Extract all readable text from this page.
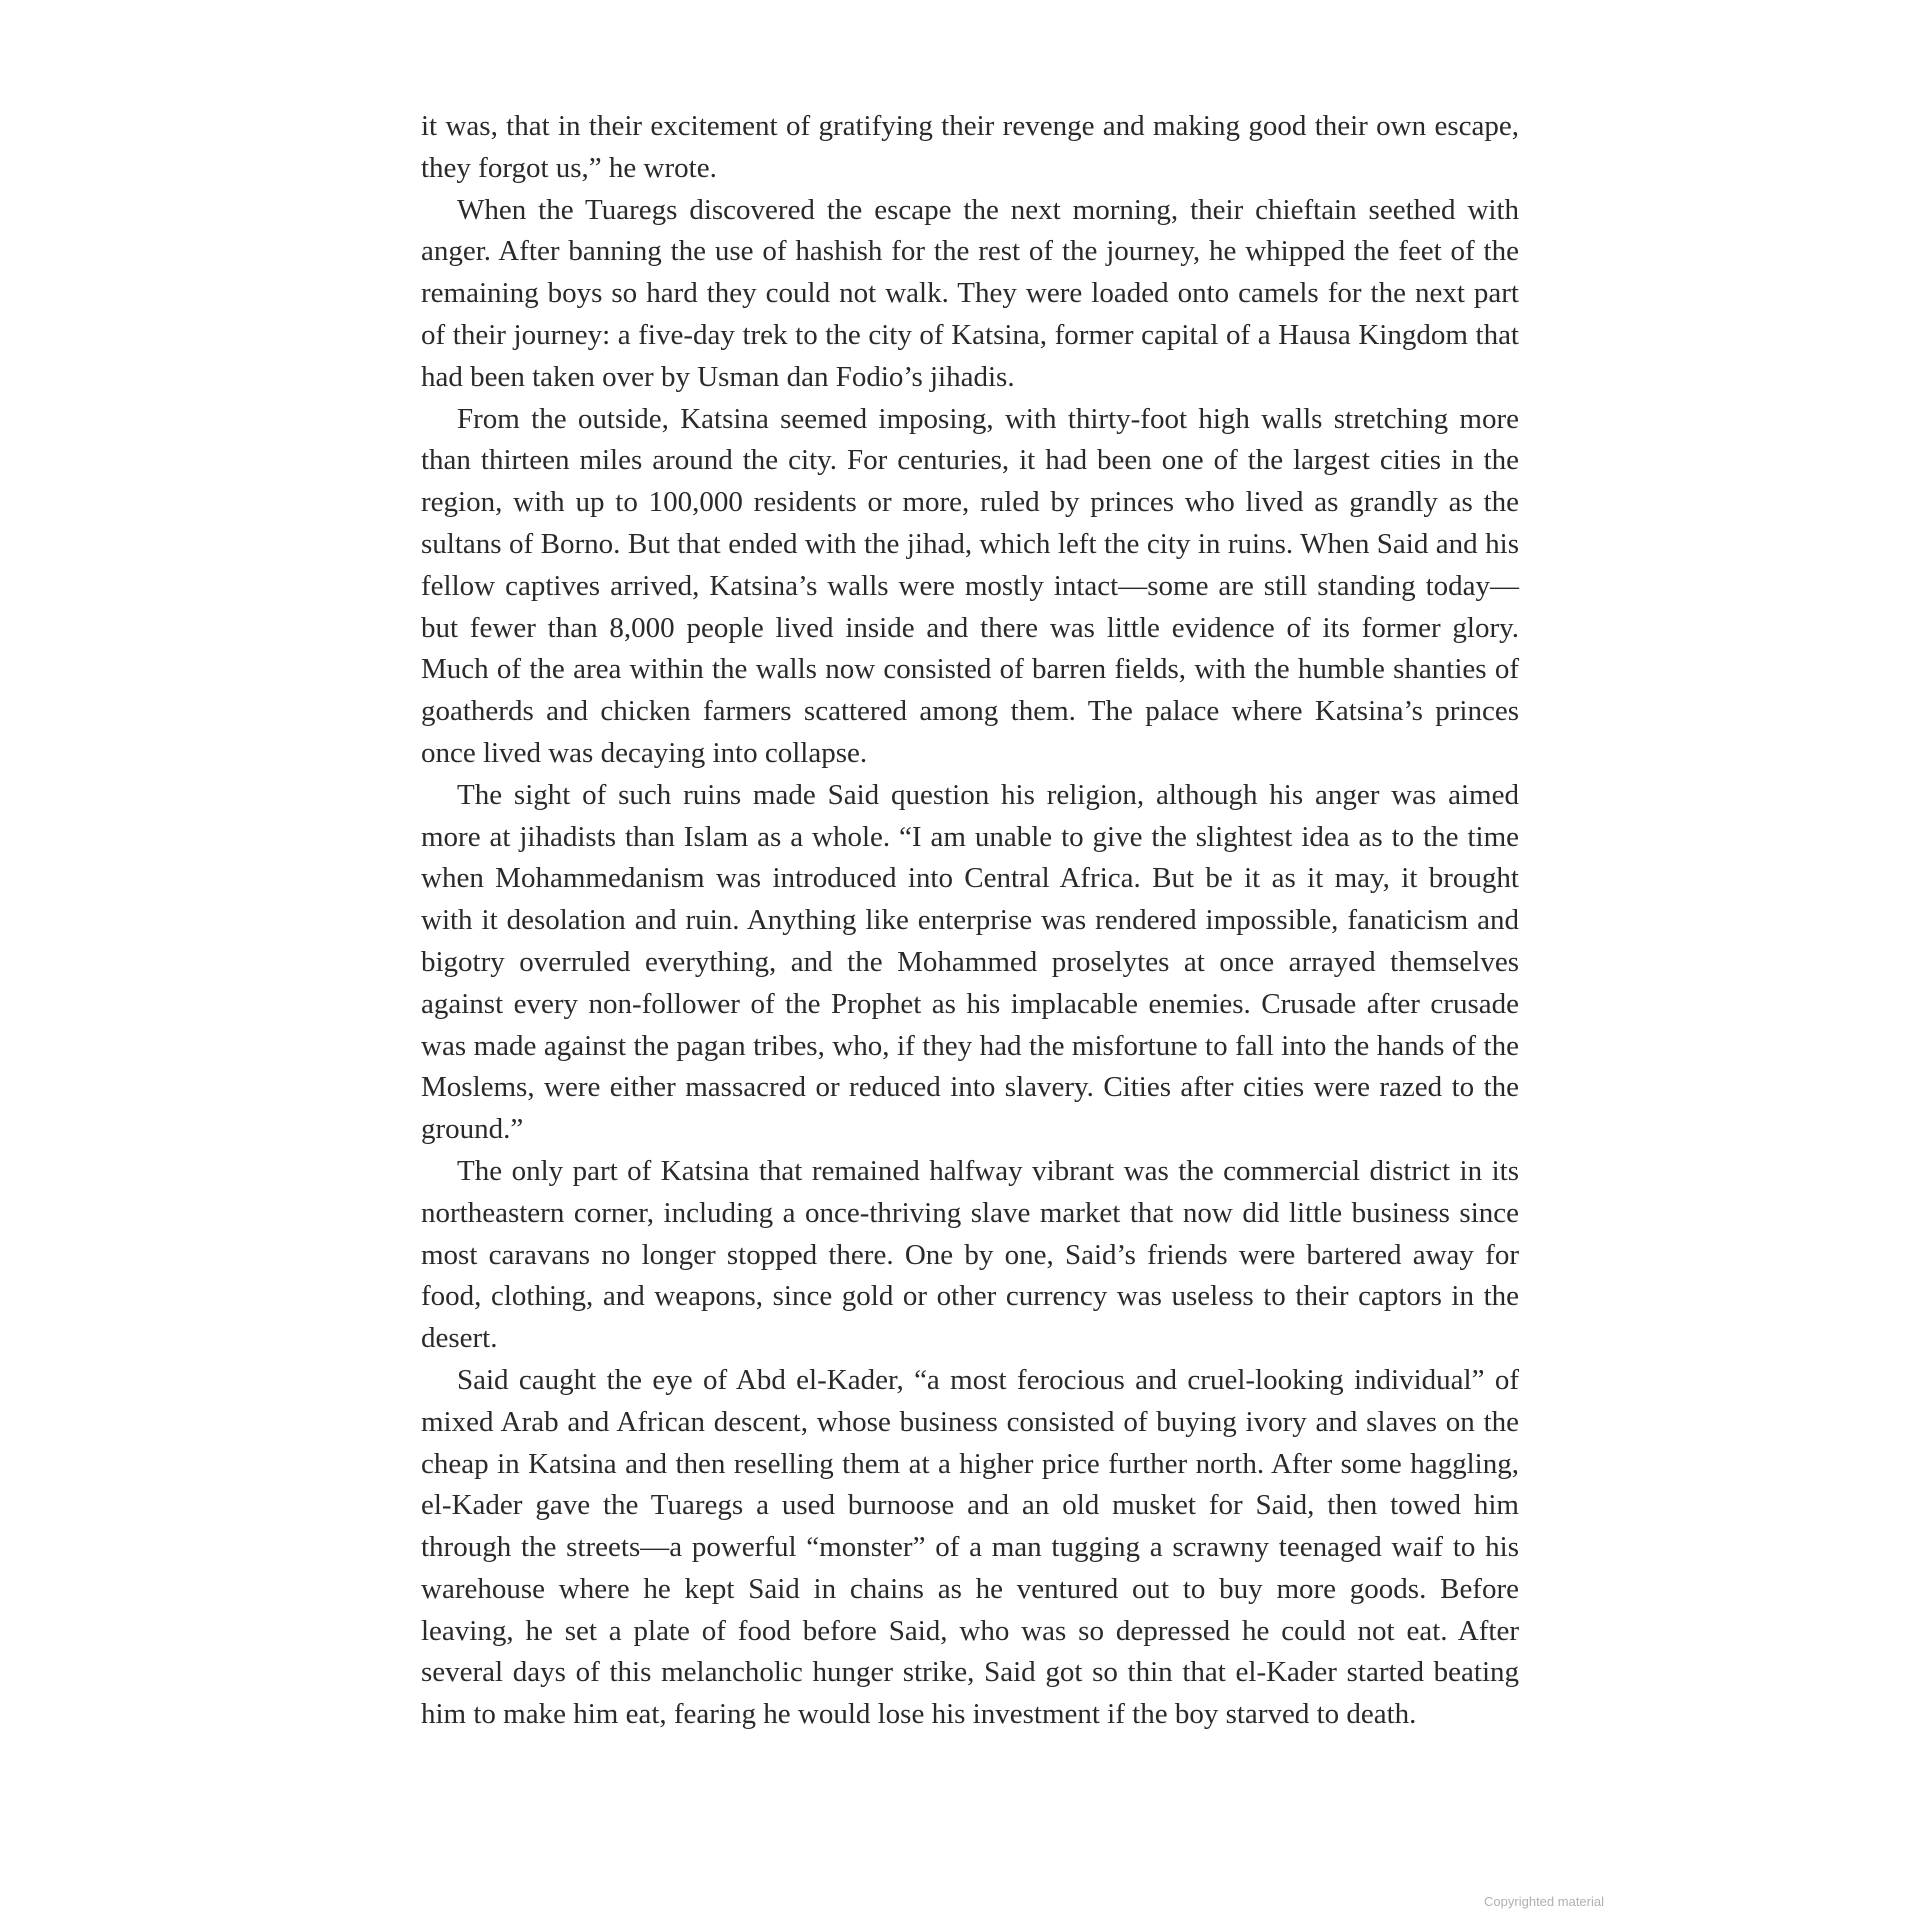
it was, that in their excitement of gratifying their revenge and making good their own escape, they forgot us,” he wrote.

When the Tuaregs discovered the escape the next morning, their chieftain seethed with anger. After banning the use of hashish for the rest of the journey, he whipped the feet of the remaining boys so hard they could not walk. They were loaded onto camels for the next part of their journey: a five-day trek to the city of Katsina, former capital of a Hausa Kingdom that had been taken over by Usman dan Fodio’s jihadis.

From the outside, Katsina seemed imposing, with thirty-foot high walls stretching more than thirteen miles around the city. For centuries, it had been one of the largest cities in the region, with up to 100,000 residents or more, ruled by princes who lived as grandly as the sultans of Borno. But that ended with the jihad, which left the city in ruins. When Said and his fellow captives arrived, Katsina’s walls were mostly intact—some are still standing today—but fewer than 8,000 people lived inside and there was little evidence of its former glory. Much of the area within the walls now consisted of barren fields, with the humble shanties of goatherds and chicken farmers scattered among them. The palace where Katsina’s princes once lived was decaying into collapse.

The sight of such ruins made Said question his religion, although his anger was aimed more at jihadists than Islam as a whole. “I am unable to give the slightest idea as to the time when Mohammedanism was introduced into Central Africa. But be it as it may, it brought with it desolation and ruin. Anything like enterprise was rendered impossible, fanaticism and bigotry overruled everything, and the Mohammed proselytes at once arrayed themselves against every non-follower of the Prophet as his implacable enemies. Crusade after crusade was made against the pagan tribes, who, if they had the misfortune to fall into the hands of the Moslems, were either massacred or reduced into slavery. Cities after cities were razed to the ground.”

The only part of Katsina that remained halfway vibrant was the commercial district in its northeastern corner, including a once-thriving slave market that now did little business since most caravans no longer stopped there. One by one, Said’s friends were bartered away for food, clothing, and weapons, since gold or other currency was useless to their captors in the desert.

Said caught the eye of Abd el-Kader, “a most ferocious and cruel-looking individual” of mixed Arab and African descent, whose business consisted of buying ivory and slaves on the cheap in Katsina and then reselling them at a higher price further north. After some haggling, el-Kader gave the Tuaregs a used burnoose and an old musket for Said, then towed him through the streets—a powerful “monster” of a man tugging a scrawny teenaged waif to his warehouse where he kept Said in chains as he ventured out to buy more goods. Before leaving, he set a plate of food before Said, who was so depressed he could not eat. After several days of this melancholic hunger strike, Said got so thin that el-Kader started beating him to make him eat, fearing he would lose his investment if the boy starved to death.

Copyrighted material
